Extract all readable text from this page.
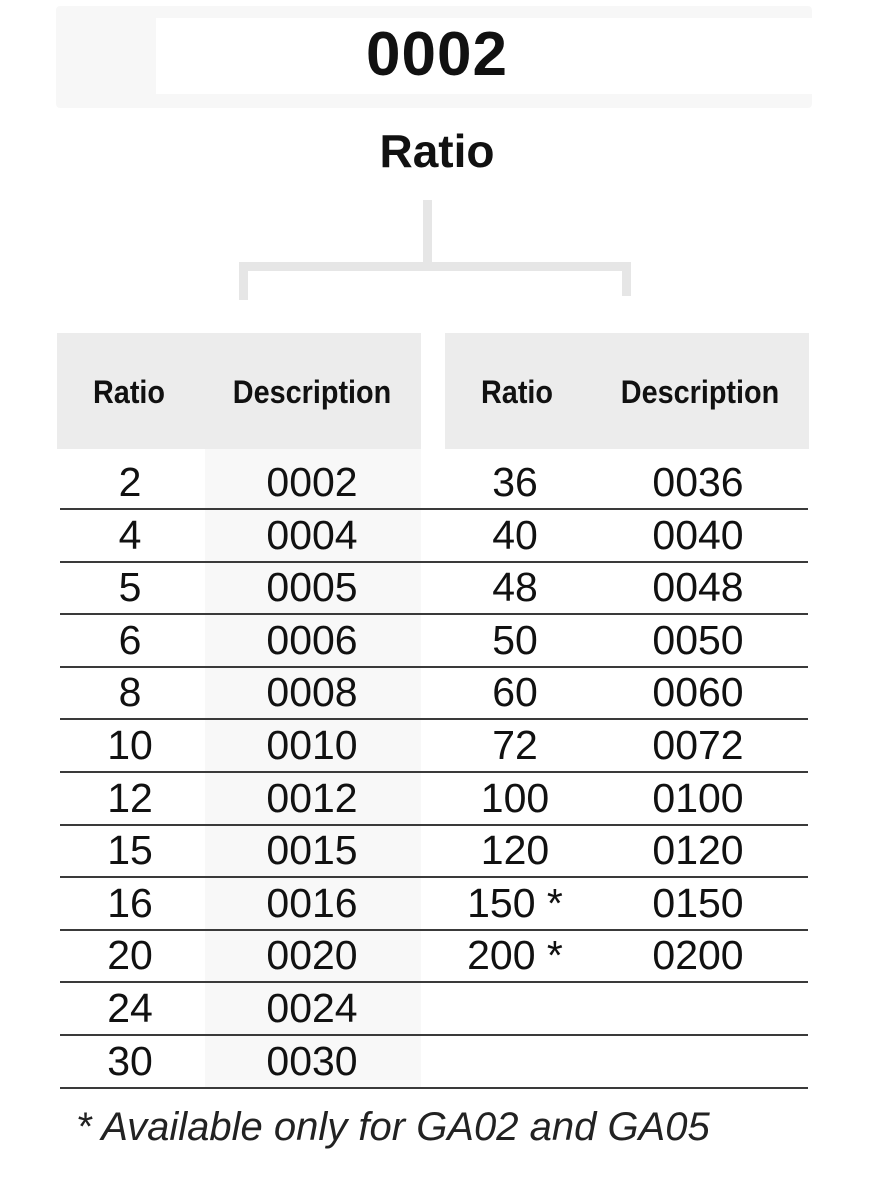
0002
Ratio
Ratio	Description	Ratio	Description
2	0002	36	0036
4	0004	40	0040
5	0005	48	0048
6	0006	50	0050
8	0008	60	0060
10	0010	72	0072
12	0012	100	0100
15	0015	120	0120
16	0016	150 *	0150
20	0020	200 *	0200
24	0024
30	0030
* Available only for GA02 and GA05
